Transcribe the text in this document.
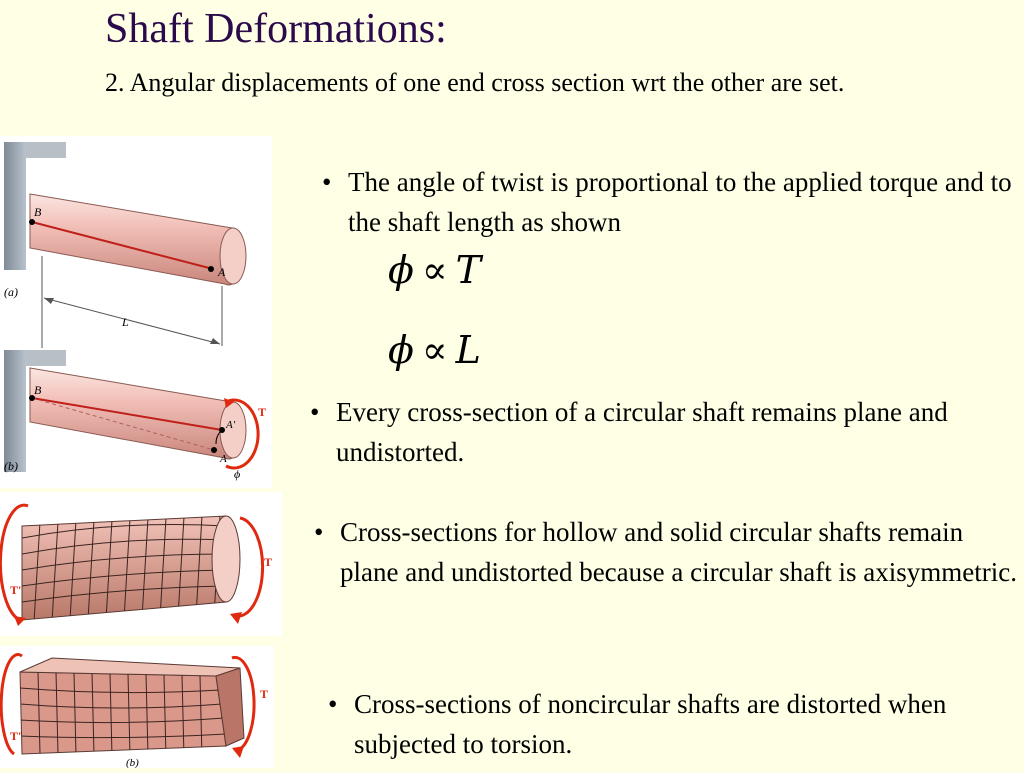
Shaft Deformations:
2. Angular displacements of one end cross section wrt the other are set.
B
A
(a)
L
B
A'
A
ϕ
T
(b)
T
T'
T
T'
(b)
• The angle of twist is proportional to the applied torque and to the shaft length as shown
ϕ ∝ T
ϕ ∝ L
• Every cross-section of a circular shaft remains plane and undistorted.
• Cross-sections for hollow and solid circular shafts remain plane and undistorted because a circular shaft is axisymmetric.
• Cross-sections of noncircular shafts are distorted when subjected to torsion.
